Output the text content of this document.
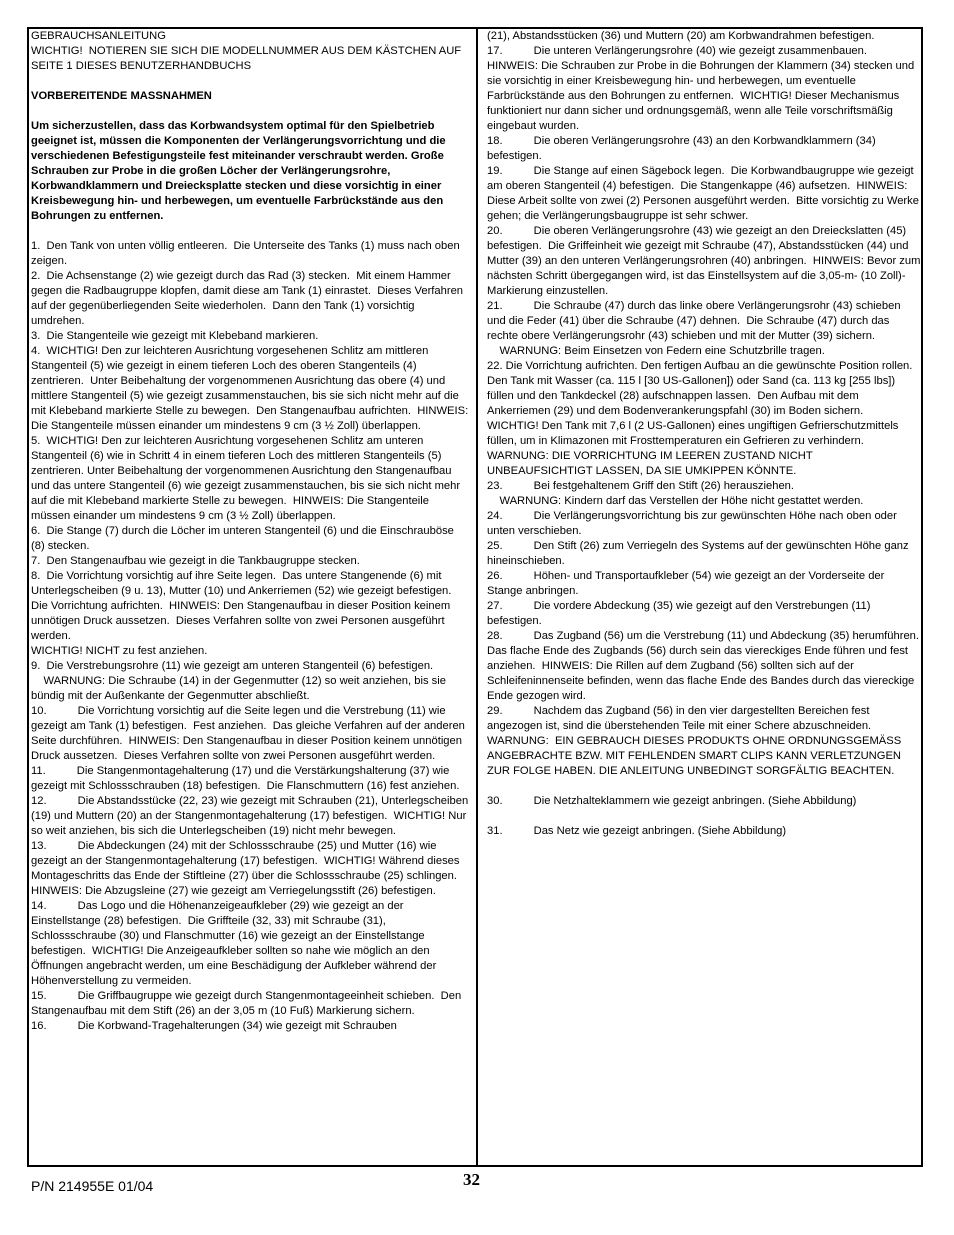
GEBRAUCHSANLEITUNG

WICHTIG!  NOTIEREN SIE SICH DIE MODELLNUMMER AUS DEM KÄSTCHEN AUF SEITE 1 DIESES BENUTZERHANDBUCHS

VORBEREITENDE MASSNAHMEN

Um sicherzustellen, dass das Korbwandsystem optimal für den Spielbetrieb geeignet ist, müssen die Komponenten der Verlängerungsvorrichtung und die verschiedenen Befestigungsteile fest miteinander verschraubt werden. Große Schrauben zur Probe in die großen Löcher der Verlängerungsrohre, Korbwandklammern und Dreiecksplatte stecken und diese vorsichtig in einer Kreisbewegung hin- und herbewegen, um eventuelle Farbrückstände aus den Bohrungen zu entfernen.

1.  Den Tank von unten völlig entleeren.  Die Unterseite des Tanks (1) muss nach oben zeigen.

2.  Die Achsenstange (2) wie gezeigt durch das Rad (3) stecken.  Mit einem Hammer gegen die Radbaugruppe klopfen, damit diese am Tank (1) einrastet.  Dieses Verfahren auf der gegenüberliegenden Seite wiederholen.  Dann den Tank (1) vorsichtig umdrehen.

3.  Die Stangenteile wie gezeigt mit Klebeband markieren.

4.  WICHTIG! Den zur leichteren Ausrichtung vorgesehenen Schlitz am mittleren Stangenteil (5) wie gezeigt in einem tieferen Loch des oberen Stangenteils (4) zentrieren.  Unter Beibehaltung der vorgenommenen Ausrichtung das obere (4) und mittlere Stangenteil (5) wie gezeigt zusammenstauchen, bis sie sich nicht mehr auf die mit Klebeband markierte Stelle zu bewegen.  Den Stangenaufbau aufrichten.  HINWEIS: Die Stangenteile müssen einander um mindestens 9 cm (3 ½ Zoll) überlappen.

5.  WICHTIG! Den zur leichteren Ausrichtung vorgesehenen Schlitz am unteren Stangenteil (6) wie in Schritt 4 in einem tieferen Loch des mittleren Stangenteils (5) zentrieren. Unter Beibehaltung der vorgenommenen Ausrichtung den Stangenaufbau und das untere Stangenteil (6) wie gezeigt zusammenstauchen, bis sie sich nicht mehr auf die mit Klebeband markierte Stelle zu bewegen.  HINWEIS: Die Stangenteile müssen einander um mindestens 9 cm (3 ½ Zoll) überlappen.

6.  Die Stange (7) durch die Löcher im unteren Stangenteil (6) und die Einschrauböse (8) stecken.

7.  Den Stangenaufbau wie gezeigt in die Tankbaugruppe stecken.

8.  Die Vorrichtung vorsichtig auf ihre Seite legen.  Das untere Stangenende (6) mit Unterlegscheiben (9 u. 13), Mutter (10) und Ankerriemen (52) wie gezeigt befestigen.  Die Vorrichtung aufrichten.  HINWEIS: Den Stangenaufbau in dieser Position keinem unnötigen Druck aussetzen.  Dieses Verfahren sollte von zwei Personen ausgeführt werden.

WICHTIG! NICHT zu fest anziehen.

9.  Die Verstrebungsrohre (11) wie gezeigt am unteren Stangenteil (6) befestigen.

WARNUNG: Die Schraube (14) in der Gegenmutter (12) so weit anziehen, bis sie bündig mit der Außenkante der Gegenmutter abschließt.

10.          Die Vorrichtung vorsichtig auf die Seite legen und die Verstrebung (11) wie gezeigt am Tank (1) befestigen.  Fest anziehen.  Das gleiche Verfahren auf der anderen Seite durchführen.  HINWEIS: Den Stangenaufbau in dieser Position keinem unnötigen Druck aussetzen.  Dieses Verfahren sollte von zwei Personen ausgeführt werden.

11.          Die Stangenmontagehalterung (17) und die Verstärkungshalterung (37) wie gezeigt mit Schlossschrauben (18) befestigen.  Die Flanschmuttern (16) fest anziehen.

12.          Die Abstandsstücke (22, 23) wie gezeigt mit Schrauben (21), Unterlegscheiben (19) und Muttern (20) an der Stangenmontagehalterung (17) befestigen.  WICHTIG! Nur so weit anziehen, bis sich die Unterlegscheiben (19) nicht mehr bewegen.

13.          Die Abdeckungen (24) mit der Schlossschraube (25) und Mutter (16) wie gezeigt an der Stangenmontagehalterung (17) befestigen.  WICHTIG! Während dieses Montageschritts das Ende der Stiftleine (27) über die Schlossschraube (25) schlingen.  HINWEIS: Die Abzugsleine (27) wie gezeigt am Verriegelungsstift (26) befestigen.

14.          Das Logo und die Höhenanzeigeaufkleber (29) wie gezeigt an der Einstellstange (28) befestigen.  Die Griffteile (32, 33) mit Schraube (31), Schlossschraube (30) und Flanschmutter (16) wie gezeigt an der Einstellstange befestigen.  WICHTIG! Die Anzeigeaufkleber sollten so nahe wie möglich an den Öffnungen angebracht werden, um eine Beschädigung der Aufkleber während der Höhenverstellung zu vermeiden.

15.          Die Griffbaugruppe wie gezeigt durch Stangenmontageeinheit schieben.  Den Stangenaufbau mit dem Stift (26) an der 3,05 m (10 Fuß) Markierung sichern.

16.          Die Korbwand-Tragehalterungen (34) wie gezeigt mit Schrauben

(21), Abstandsstücken (36) und Muttern (20) am Korbwandrahmen befestigen.

17.          Die unteren Verlängerungsrohre (40) wie gezeigt zusammenbauen.  HINWEIS: Die Schrauben zur Probe in die Bohrungen der Klammern (34) stecken und sie vorsichtig in einer Kreisbewegung hin- und herbewegen, um eventuelle Farbrückstände aus den Bohrungen zu entfernen.  WICHTIG! Dieser Mechanismus funktioniert nur dann sicher und ordnungsgemäß, wenn alle Teile vorschriftsmäßig eingebaut wurden.

18.          Die oberen Verlängerungsrohre (43) an den Korbwandklammern (34) befestigen.

19.          Die Stange auf einen Sägebock legen.  Die Korbwandbaugruppe wie gezeigt am oberen Stangenteil (4) befestigen.  Die Stangenkappe (46) aufsetzen.  HINWEIS: Diese Arbeit sollte von zwei (2) Personen ausgeführt werden.  Bitte vorsichtig zu Werke gehen; die Verlängerungsbaugruppe ist sehr schwer.

20.          Die oberen Verlängerungsrohre (43) wie gezeigt an den Dreieckslatten (45) befestigen.  Die Griffeinheit wie gezeigt mit Schraube (47), Abstandsstücken (44) und Mutter (39) an den unteren Verlängerungsrohren (40) anbringen.  HINWEIS: Bevor zum nächsten Schritt übergegangen wird, ist das Einstellsystem auf die 3,05-m- (10 Zoll)-Markierung einzustellen.

21.          Die Schraube (47) durch das linke obere Verlängerungsrohr (43) schieben und die Feder (41) über die Schraube (47) dehnen.  Die Schraube (47) durch das rechte obere Verlängerungsrohr (43) schieben und mit der Mutter (39) sichern.

WARNUNG: Beim Einsetzen von Federn eine Schutzbrille tragen.

22. Die Vorrichtung aufrichten. Den fertigen Aufbau an die gewünschte Position rollen. Den Tank mit Wasser (ca. 115 l [30 US-Gallonen]) oder Sand (ca. 113 kg [255 lbs]) füllen und den Tankdeckel (28) aufschnappen lassen.  Den Aufbau mit dem Ankerriemen (29) und dem Bodenverankerungspfahl (30) im Boden sichern.   WICHTIG! Den Tank mit 7,6 l (2 US-Gallonen) eines ungiftigen Gefrierschutzmittels füllen, um in Klimazonen mit Frosttemperaturen ein Gefrieren zu verhindern.

WARNUNG: DIE VORRICHTUNG IM LEEREN ZUSTAND NICHT UNBEAUFSICHTIGT LASSEN, DA SIE UMKIPPEN KÖNNTE.

23.          Bei festgehaltenem Griff den Stift (26) herausziehen.

WARNUNG: Kindern darf das Verstellen der Höhe nicht gestattet werden.

24.          Die Verlängerungsvorrichtung bis zur gewünschten Höhe nach oben oder unten verschieben.

25.          Den Stift (26) zum Verriegeln des Systems auf der gewünschten Höhe ganz hineinschieben.

26.          Höhen- und Transportaufkleber (54) wie gezeigt an der Vorderseite der Stange anbringen.

27.          Die vordere Abdeckung (35) wie gezeigt auf den Verstrebungen (11) befestigen.

28.          Das Zugband (56) um die Verstrebung (11) und Abdeckung (35) herumführen.  Das flache Ende des Zugbands (56) durch sein das viereckiges Ende führen und fest anziehen.  HINWEIS: Die Rillen auf dem Zugband (56) sollten sich auf der Schleifeninnenseite befinden, wenn das flache Ende des Bandes durch das viereckige Ende gezogen wird.

29.          Nachdem das Zugband (56) in den vier dargestellten Bereichen fest angezogen ist, sind die überstehenden Teile mit einer Schere abzuschneiden.

WARNUNG:  EIN GEBRAUCH DIESES PRODUKTS OHNE ORDNUNGSGEMÄSS ANGEBRACHTE BZW. MIT FEHLENDEN SMART CLIPS KANN VERLETZUNGEN ZUR FOLGE HABEN. DIE ANLEITUNG UNBEDINGT SORGFÄLTIG BEACHTEN.

30.          Die Netzhalteklammern wie gezeigt anbringen. (Siehe Abbildung)

31.          Das Netz wie gezeigt anbringen. (Siehe Abbildung)

P/N 214955E 01/04	32
